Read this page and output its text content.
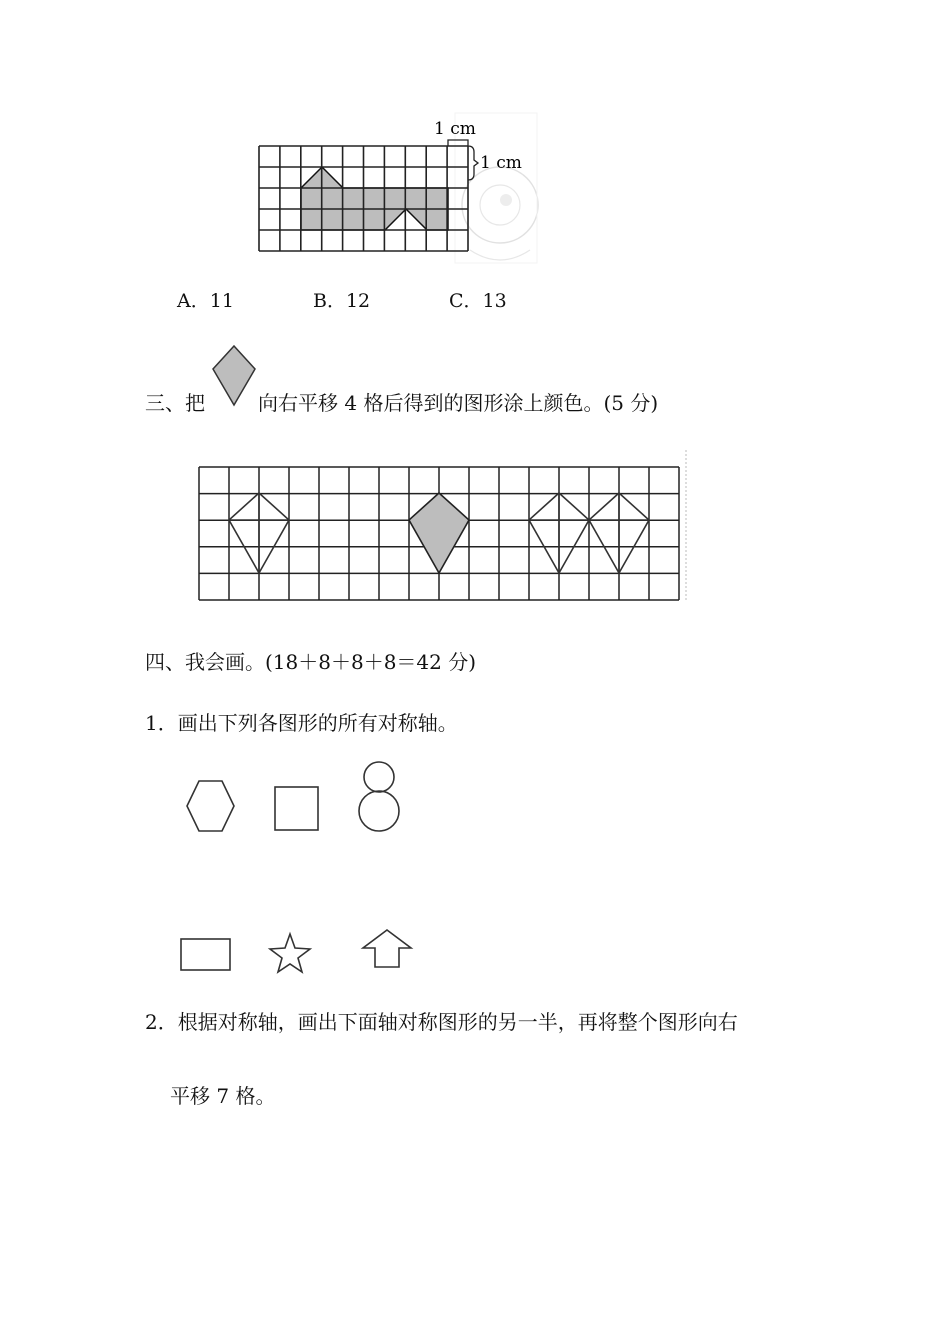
1 cm
1 cm
A．11	B．12	C．13
三、把	向右平移 4 格后得到的图形涂上颜色。(5 分)
四、我会画。(18＋8＋8＋8＝42 分)
1．画出下列各图形的所有对称轴。
2．根据对称轴，画出下面轴对称图形的另一半，再将整个图形向右
平移 7 格。
